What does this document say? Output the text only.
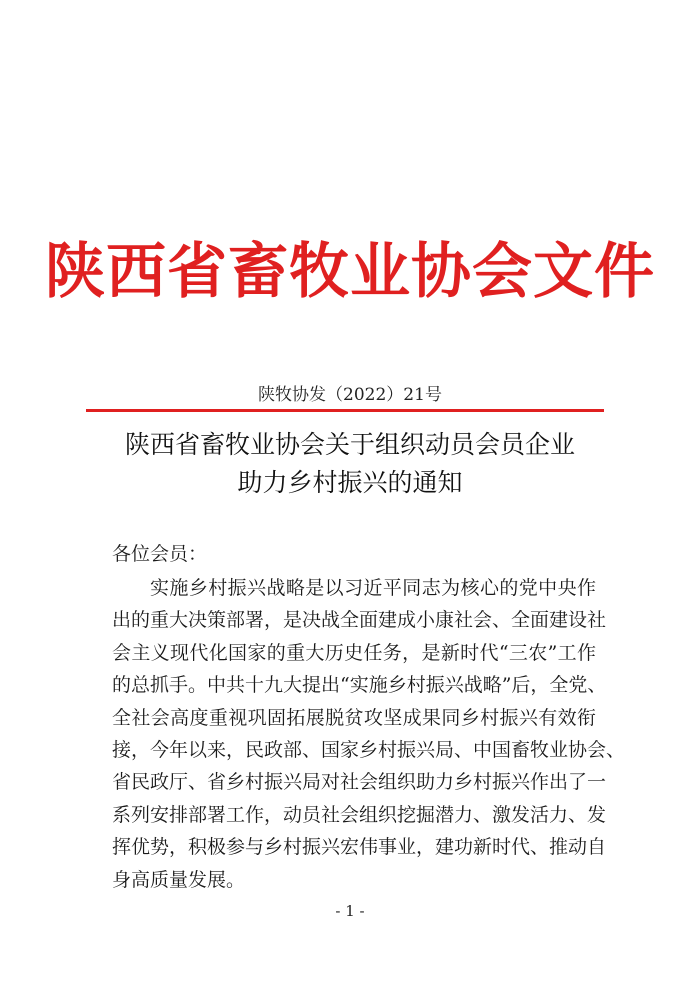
陕西省畜牧业协会文件
陕牧协发（2022）21号
陕西省畜牧业协会关于组织动员会员企业
助力乡村振兴的通知
各位会员：
实施乡村振兴战略是以习近平同志为核心的党中央作
出的重大决策部署，是决战全面建成小康社会、全面建设社
会主义现代化国家的重大历史任务，是新时代“三农”工作
的总抓手。中共十九大提出“实施乡村振兴战略”后，全党、
全社会高度重视巩固拓展脱贫攻坚成果同乡村振兴有效衔
接，今年以来，民政部、国家乡村振兴局、中国畜牧业协会、
省民政厅、省乡村振兴局对社会组织助力乡村振兴作出了一
系列安排部署工作，动员社会组织挖掘潜力、激发活力、发
挥优势，积极参与乡村振兴宏伟事业，建功新时代、推动自
身高质量发展。
- 1 -
